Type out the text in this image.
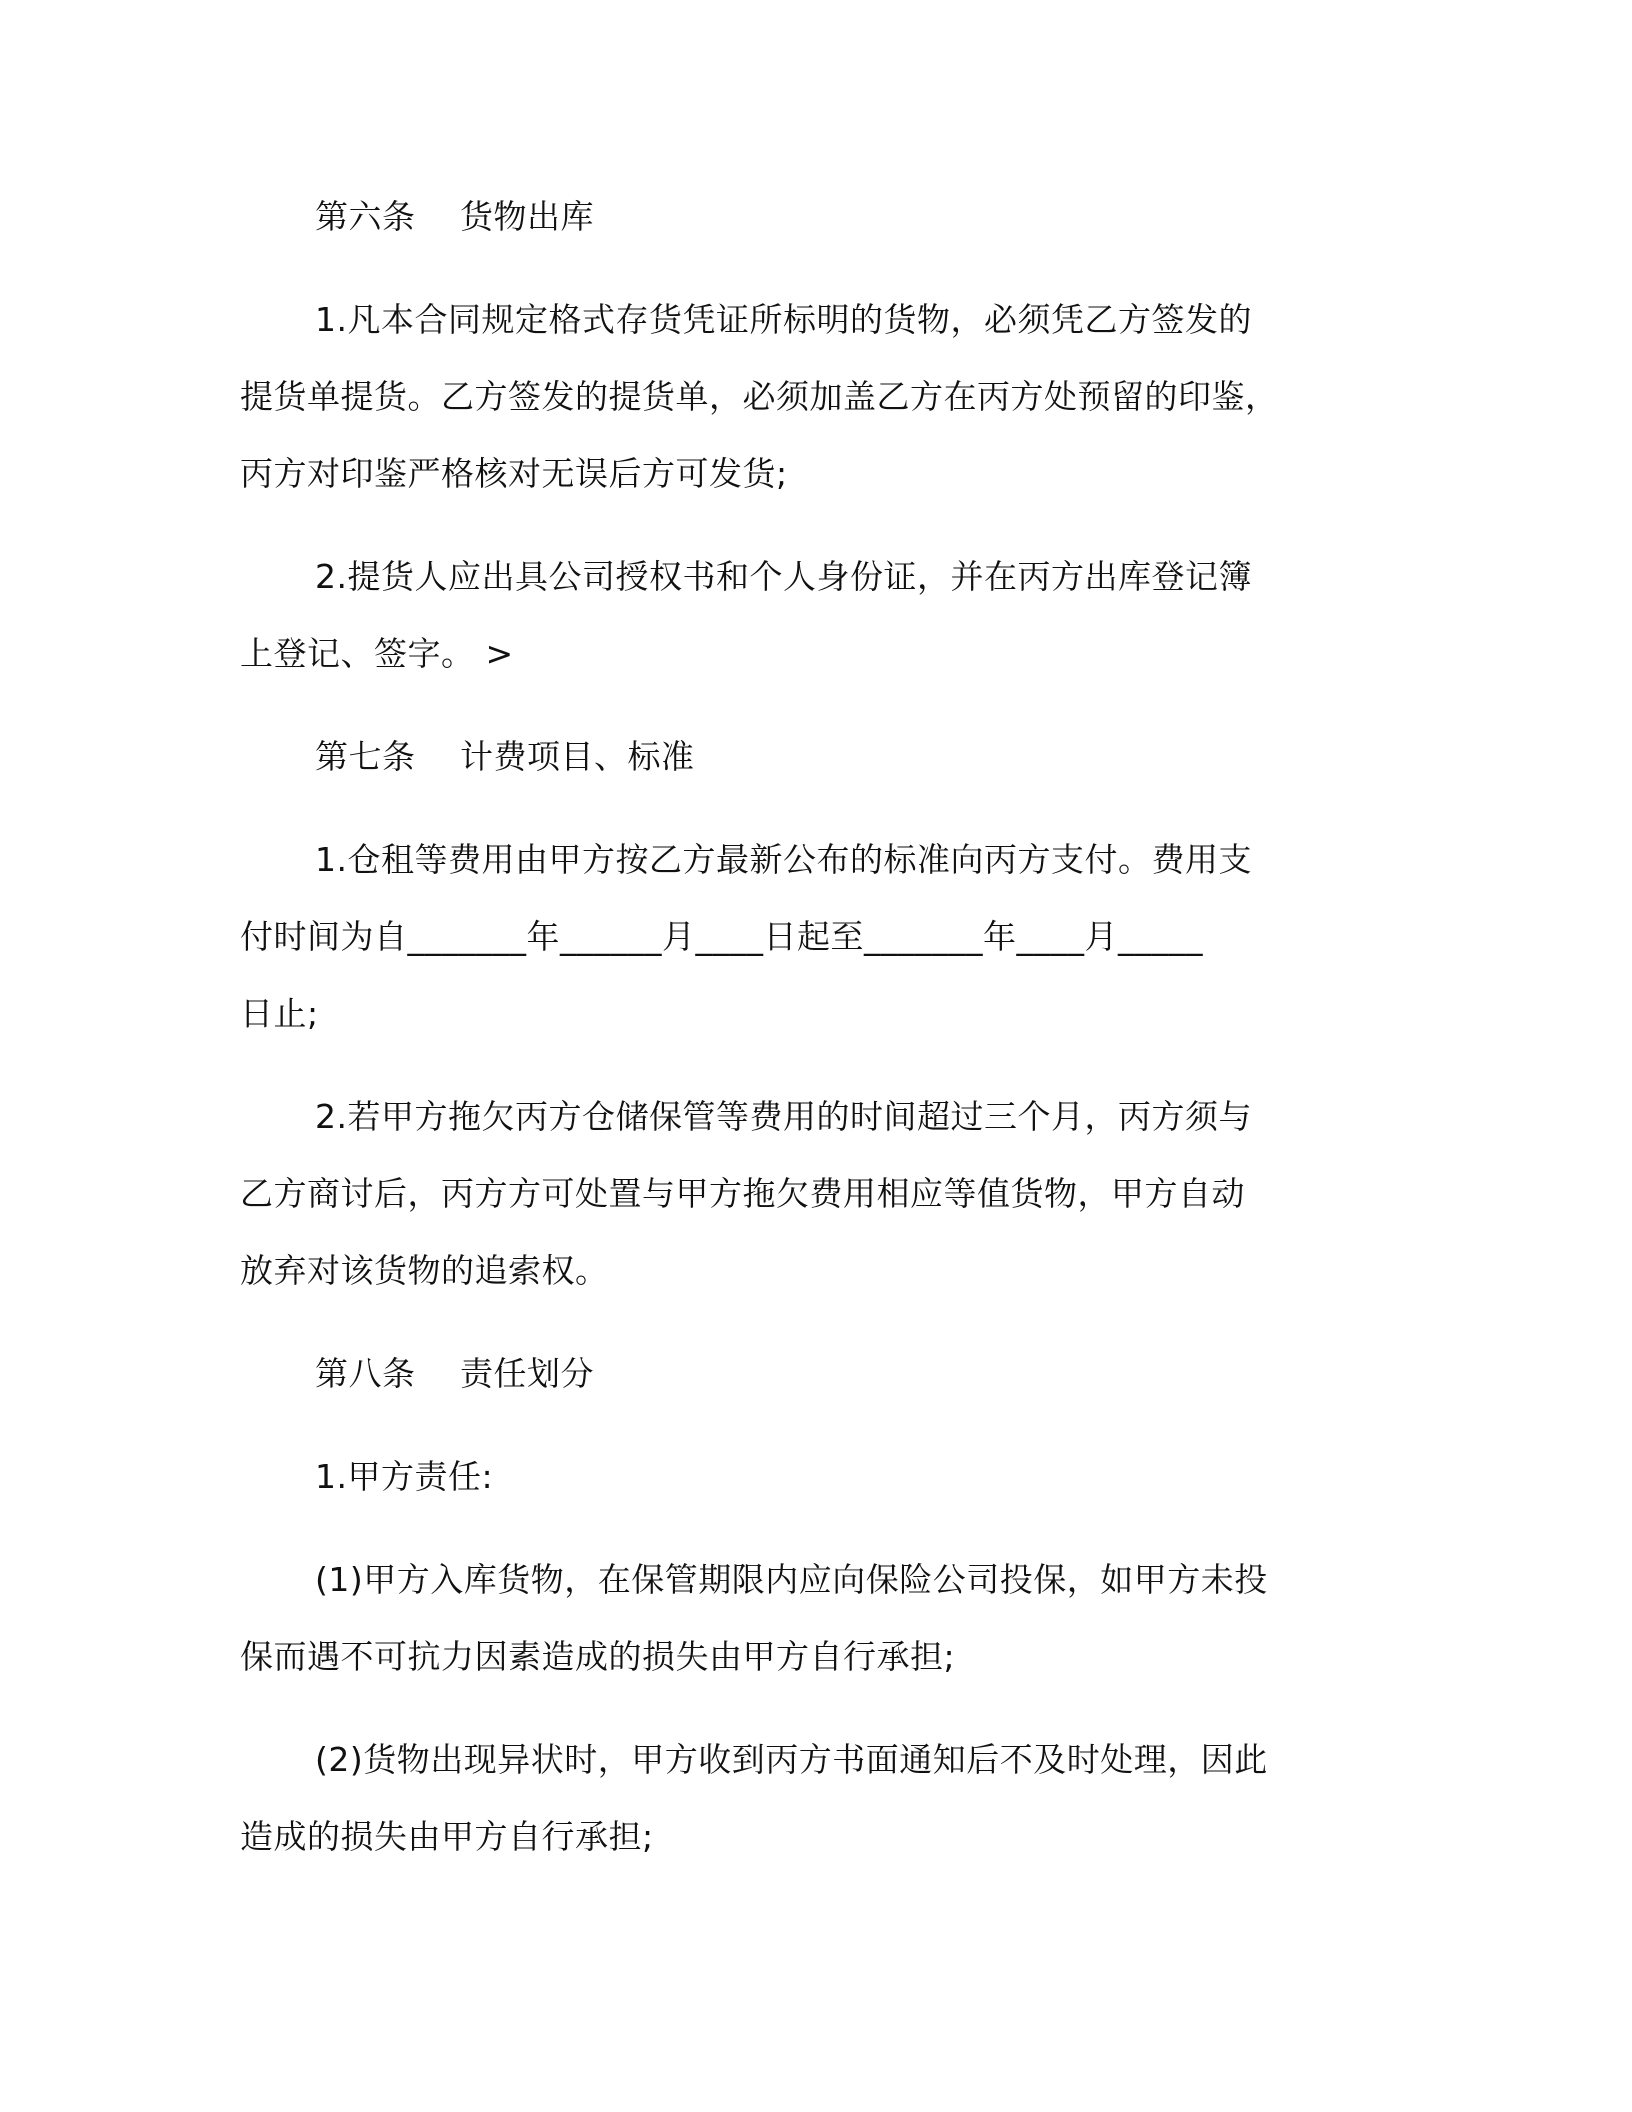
第六条　 货物出库
1.凡本合同规定格式存货凭证所标明的货物，必须凭乙方签发的
提货单提货。乙方签发的提货单，必须加盖乙方在丙方处预留的印鉴，
丙方对印鉴严格核对无误后方可发货;
2.提货人应出具公司授权书和个人身份证，并在丙方出库登记簿
上登记、签字。 >
第七条　 计费项目、标准
1.仓租等费用由甲方按乙方最新公布的标准向丙方支付。费用支
付时间为自_______年______月____日起至_______年____月_____
日止;
2.若甲方拖欠丙方仓储保管等费用的时间超过三个月，丙方须与
乙方商讨后，丙方方可处置与甲方拖欠费用相应等值货物，甲方自动
放弃对该货物的追索权。
第八条　 责任划分
1.甲方责任:
(1)甲方入库货物，在保管期限内应向保险公司投保，如甲方未投
保而遇不可抗力因素造成的损失由甲方自行承担;
(2)货物出现异状时，甲方收到丙方书面通知后不及时处理，因此
造成的损失由甲方自行承担;
